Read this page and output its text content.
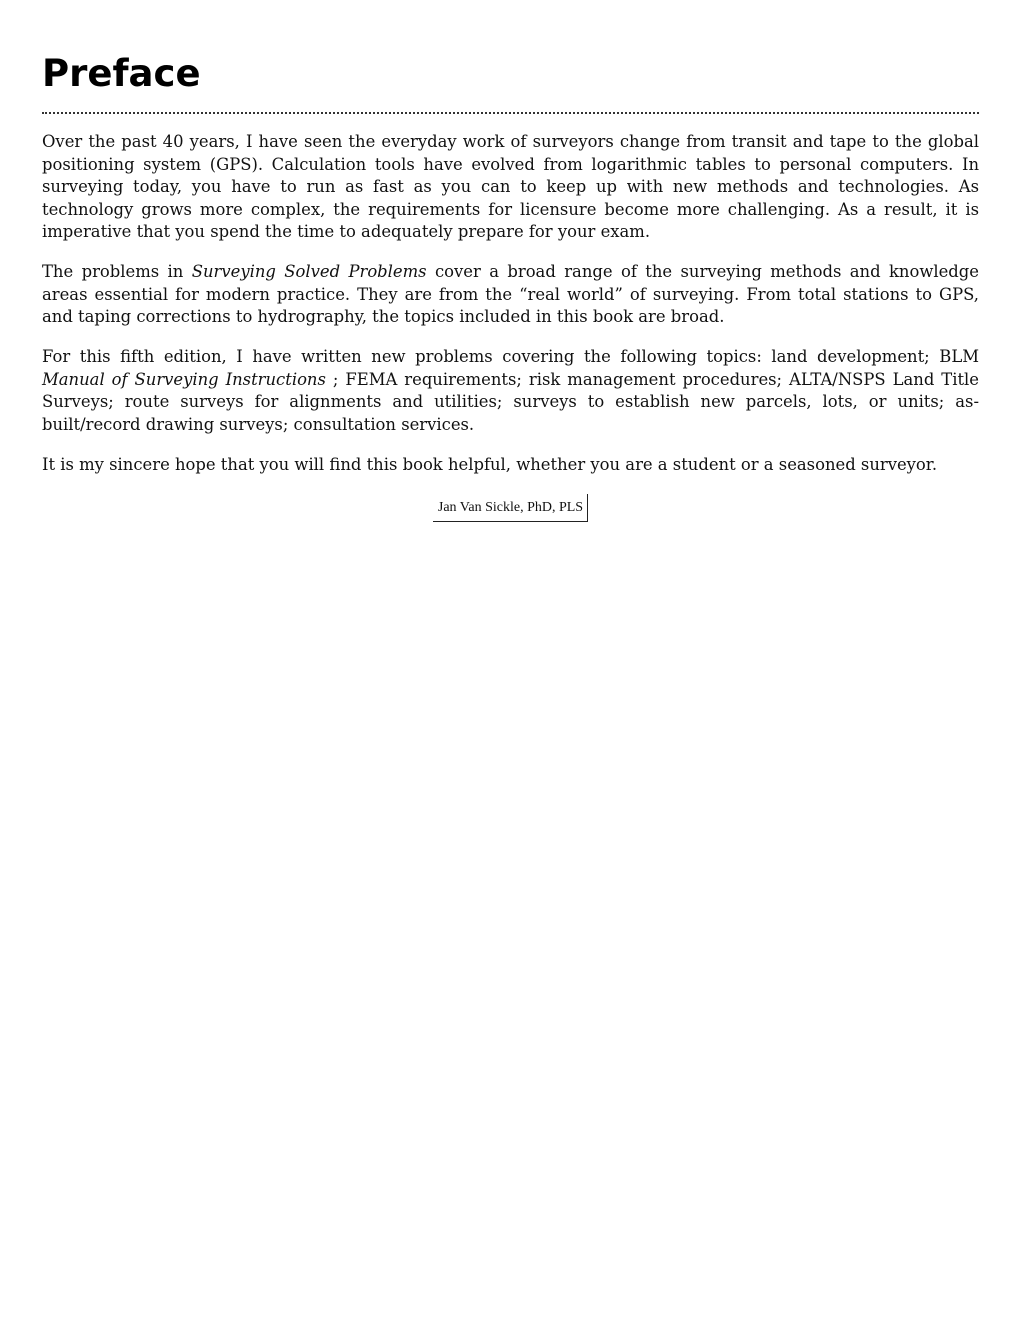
Preface

Over the past 40 years, I have seen the everyday work of surveyors change from transit and tape to the global positioning system (GPS). Calculation tools have evolved from logarithmic tables to personal computers. In surveying today, you have to run as fast as you can to keep up with new methods and technologies. As technology grows more complex, the requirements for licensure become more challenging. As a result, it is imperative that you spend the time to adequately prepare for your exam.

The problems in Surveying Solved Problems cover a broad range of the surveying methods and knowledge areas essential for modern practice. They are from the “real world” of surveying. From total stations to GPS, and taping corrections to hydrography, the topics included in this book are broad.

For this fifth edition, I have written new problems covering the following topics: land development; BLM Manual of Surveying Instructions ; FEMA requirements; risk management procedures; ALTA/NSPS Land Title Surveys; route surveys for alignments and utilities; surveys to establish new parcels, lots, or units; as-built/record drawing surveys; consultation services.

It is my sincere hope that you will find this book helpful, whether you are a student or a seasoned surveyor.

Jan Van Sickle, PhD, PLS
